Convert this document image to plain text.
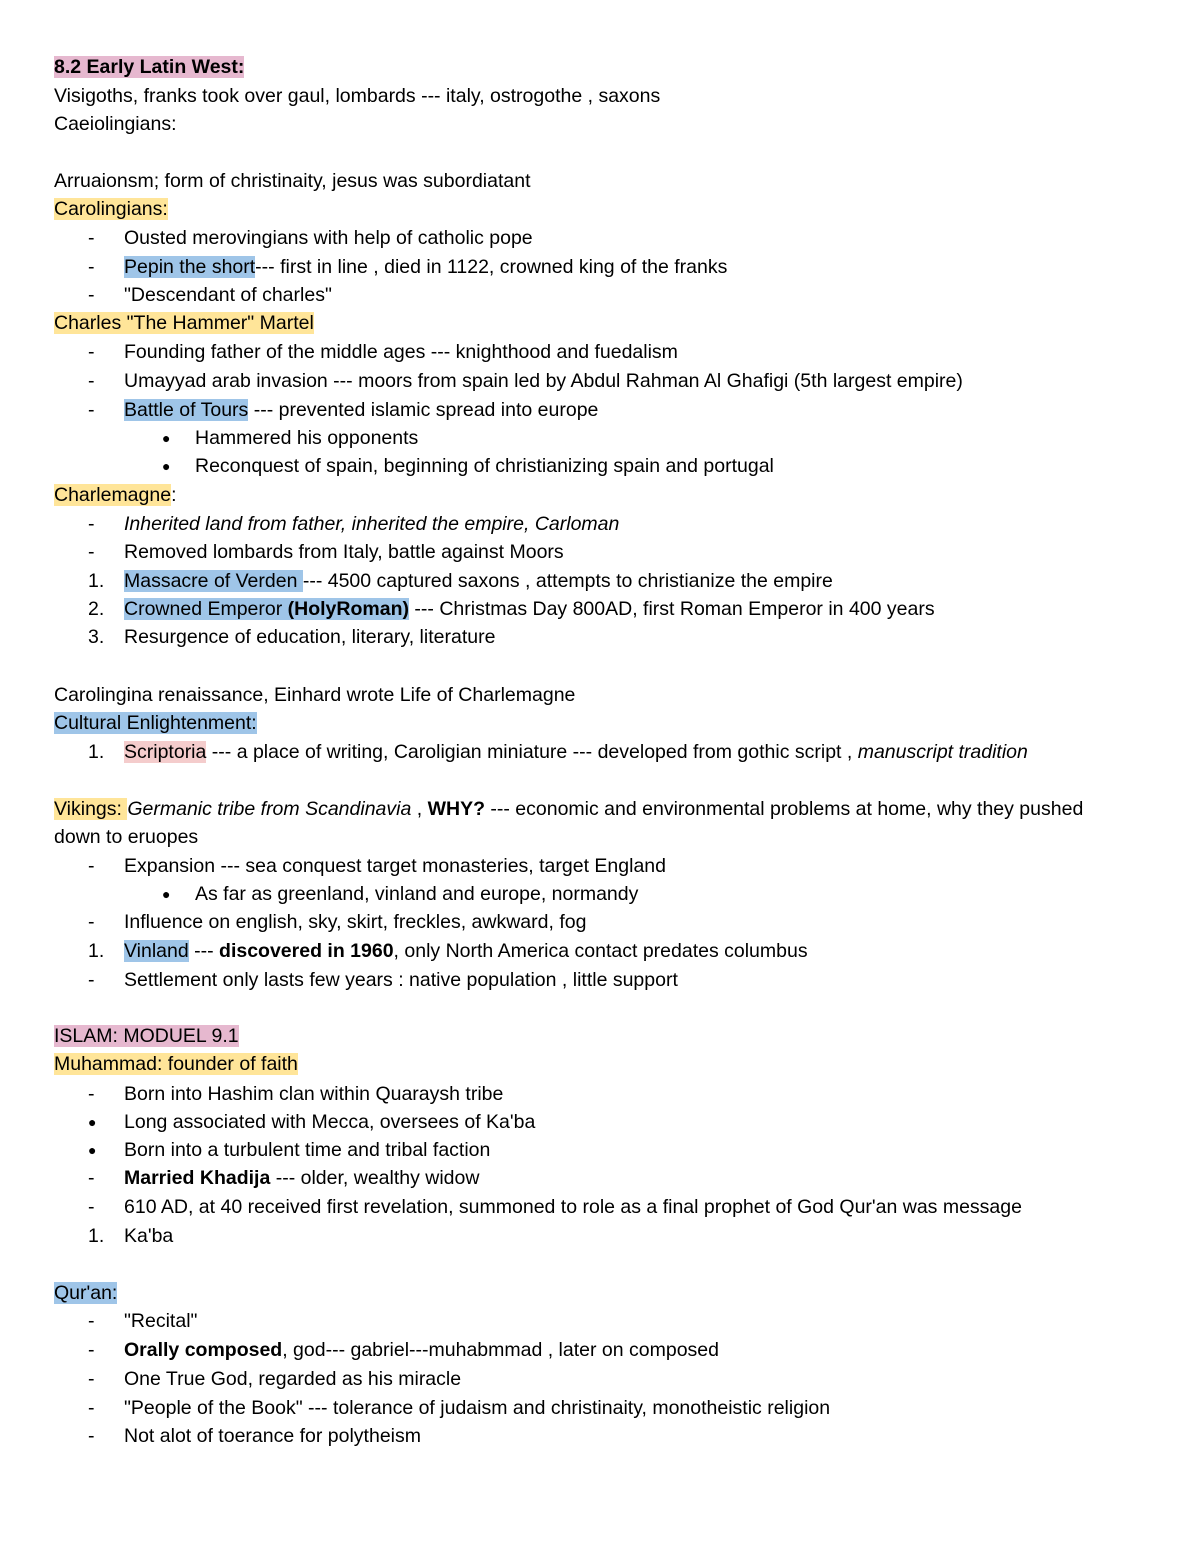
8.2 Early Latin West:
Visigoths, franks took over gaul, lombards --- italy, ostrogothe , saxons
Caeiolingians:
Arruaionsm; form of christinaity, jesus was subordiatant
Carolingians:
- Ousted merovingians with help of catholic pope
- Pepin the short--- first in line , died in 1122, crowned king of the franks
- "Descendant of charles"
Charles "The Hammer" Martel
- Founding father of the middle ages --- knighthood and fuedalism
- Umayyad arab invasion --- moors from spain led by Abdul Rahman Al Ghafigi (5th largest empire)
- Battle of Tours --- prevented islamic spread into europe
● Hammered his opponents
● Reconquest of spain, beginning of christianizing spain and portugal
Charlemagne:
- Inherited land from father, inherited the empire, Carloman
- Removed lombards from Italy, battle against Moors
1. Massacre of Verden --- 4500 captured saxons , attempts to christianize the empire
2. Crowned Emperor (HolyRoman) --- Christmas Day 800AD, first Roman Emperor in 400 years
3. Resurgence of education, literary, literature
Carolingina renaissance, Einhard wrote Life of Charlemagne
Cultural Enlightenment:
1. Scriptoria --- a place of writing, Caroligian miniature --- developed from gothic script , manuscript tradition
Vikings: Germanic tribe from Scandinavia , WHY? --- economic and environmental problems at home, why they pushed down to eruopes
- Expansion --- sea conquest target monasteries, target England
● As far as greenland, vinland and europe, normandy
- Influence on english, sky, skirt, freckles, awkward, fog
1. Vinland --- discovered in 1960, only North America contact predates columbus
- Settlement only lasts few years : native population , little support
ISLAM: MODUEL 9.1
Muhammad: founder of faith
- Born into Hashim clan within Quaraysh tribe
● Long associated with Mecca, oversees of Ka'ba
● Born into a turbulent time and tribal faction
- Married Khadija --- older, wealthy widow
- 610 AD, at 40 received first revelation, summoned to role as a final prophet of God Qur'an was message
1. Ka'ba
Qur'an:
- "Recital"
- Orally composed, god--- gabriel---muhabmmad , later on composed
- One True God, regarded as his miracle
- "People of the Book" --- tolerance of judaism and christinaity, monotheistic religion
- Not alot of toerance for polytheism
